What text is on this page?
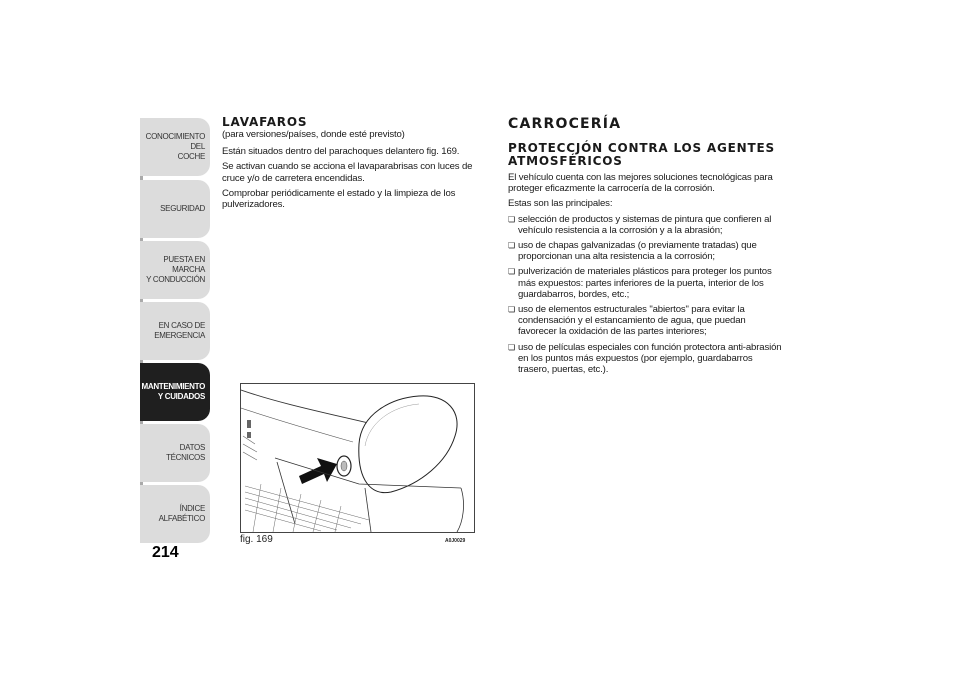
CONOCIMIENTO DEL
COCHE
SEGURIDAD
PUESTA EN MARCHA
Y CONDUCCIÓN
EN CASO DE
EMERGENCIA
MANTENIMIENTO
Y CUIDADOS
DATOS TÉCNICOS
ÍNDICE ALFABÉTICO
214
LAVAFAROS

(para versiones/países, donde esté previsto)

Están situados dentro del parachoques delantero fig. 169.

Se activan cuando se acciona el lavaparabrisas con luces de cruce y/o de carretera encendidas.

Comprobar periódicamente el estado y la limpieza de los pulverizadores.

fig. 169	A0J0029
CARROCERÍA
PROTECCJÓN CONTRA LOS AGENTES ATMOSFÉRICOS

El vehículo cuenta con las mejores soluciones tecnológicas para proteger eficazmente la carrocería de la corrosión.

Estas son las principales:

❏ selección de productos y sistemas de pintura que confieren al vehículo resistencia a la corrosión y a la abrasión;
❏ uso de chapas galvanizadas (o previamente tratadas) que proporcionan una alta resistencia a la corrosión;
❏ pulverización de materiales plásticos para proteger los puntos más expuestos: partes inferiores de la puerta, interior de los guardabarros, bordes, etc.;
❏ uso de elementos estructurales "abiertos" para evitar la condensación y el estancamiento de agua, que puedan favorecer la oxidación de las partes interiores;
❏ uso de películas especiales con función protectora anti-abrasión en los puntos más expuestos (por ejemplo, guardabarros trasero, puertas, etc.).
